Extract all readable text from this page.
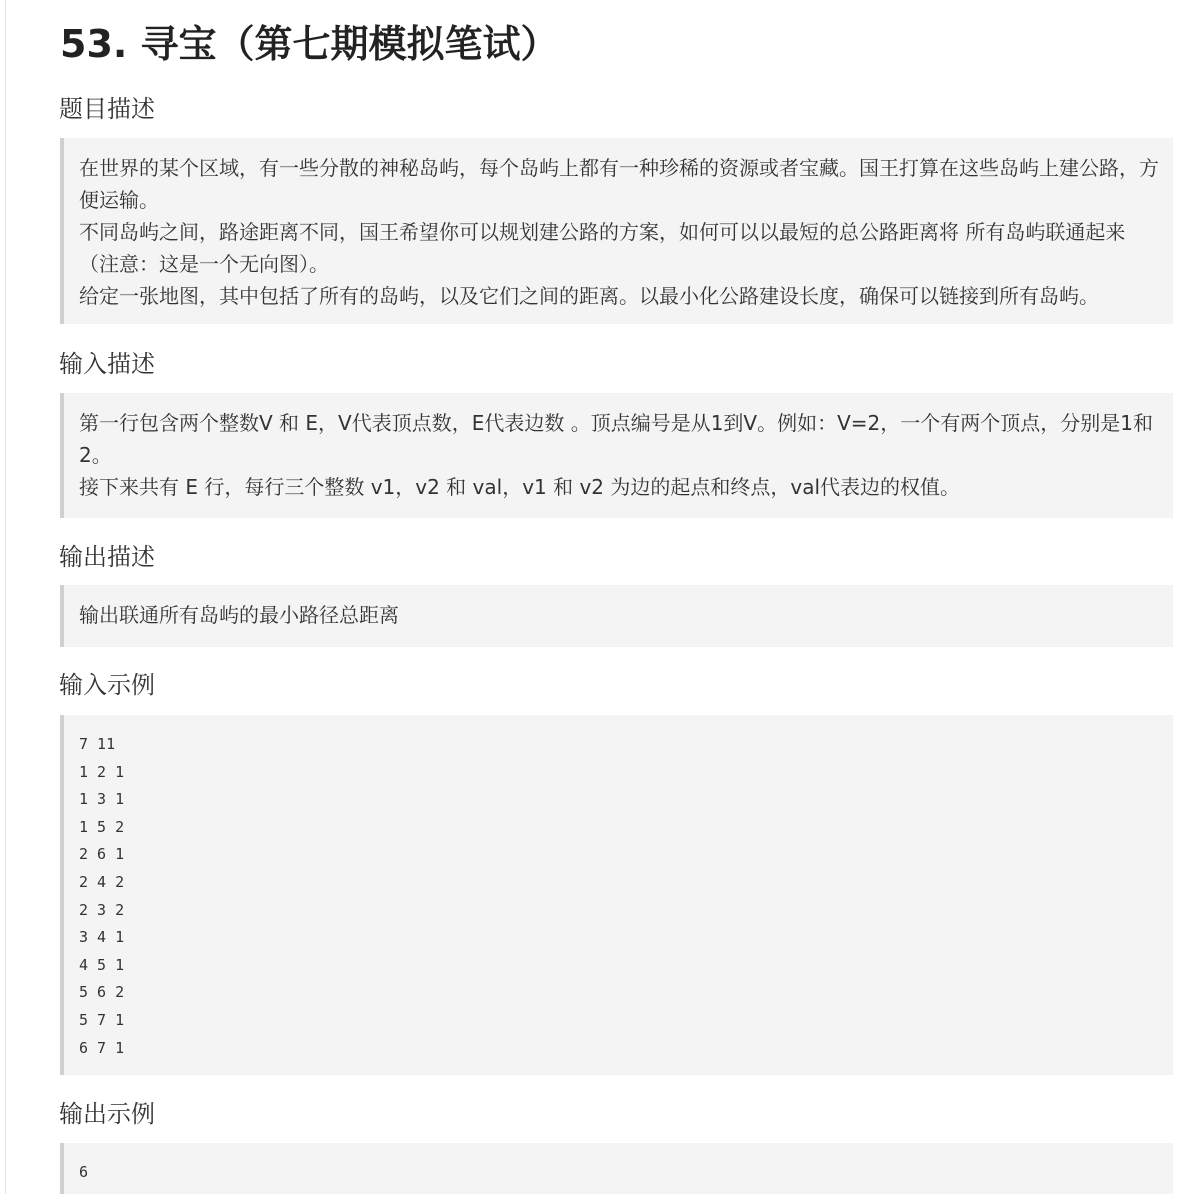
53. 寻宝（第七期模拟笔试）
题目描述

在世界的某个区域，有一些分散的神秘岛屿，每个岛屿上都有一种珍稀的资源或者宝藏。国王打算在这些岛屿上建公路，方便运输。

不同岛屿之间，路途距离不同，国王希望你可以规划建公路的方案，如何可以以最短的总公路距离将 所有岛屿联通起来（注意：这是一个无向图）。

给定一张地图，其中包括了所有的岛屿，以及它们之间的距离。以最小化公路建设长度，确保可以链接到所有岛屿。

输入描述

第一行包含两个整数V 和 E，V代表顶点数，E代表边数 。顶点编号是从1到V。例如：V=2，一个有两个顶点，分别是1和2。

接下来共有 E 行，每行三个整数 v1，v2 和 val，v1 和 v2 为边的起点和终点，val代表边的权值。

输出描述

输出联通所有岛屿的最小路径总距离

输入示例
7 11
1 2 1
1 3 1
1 5 2
2 6 1
2 4 2
2 3 2
3 4 1
4 5 1
5 6 2
5 7 1
6 7 1
输出示例
6
